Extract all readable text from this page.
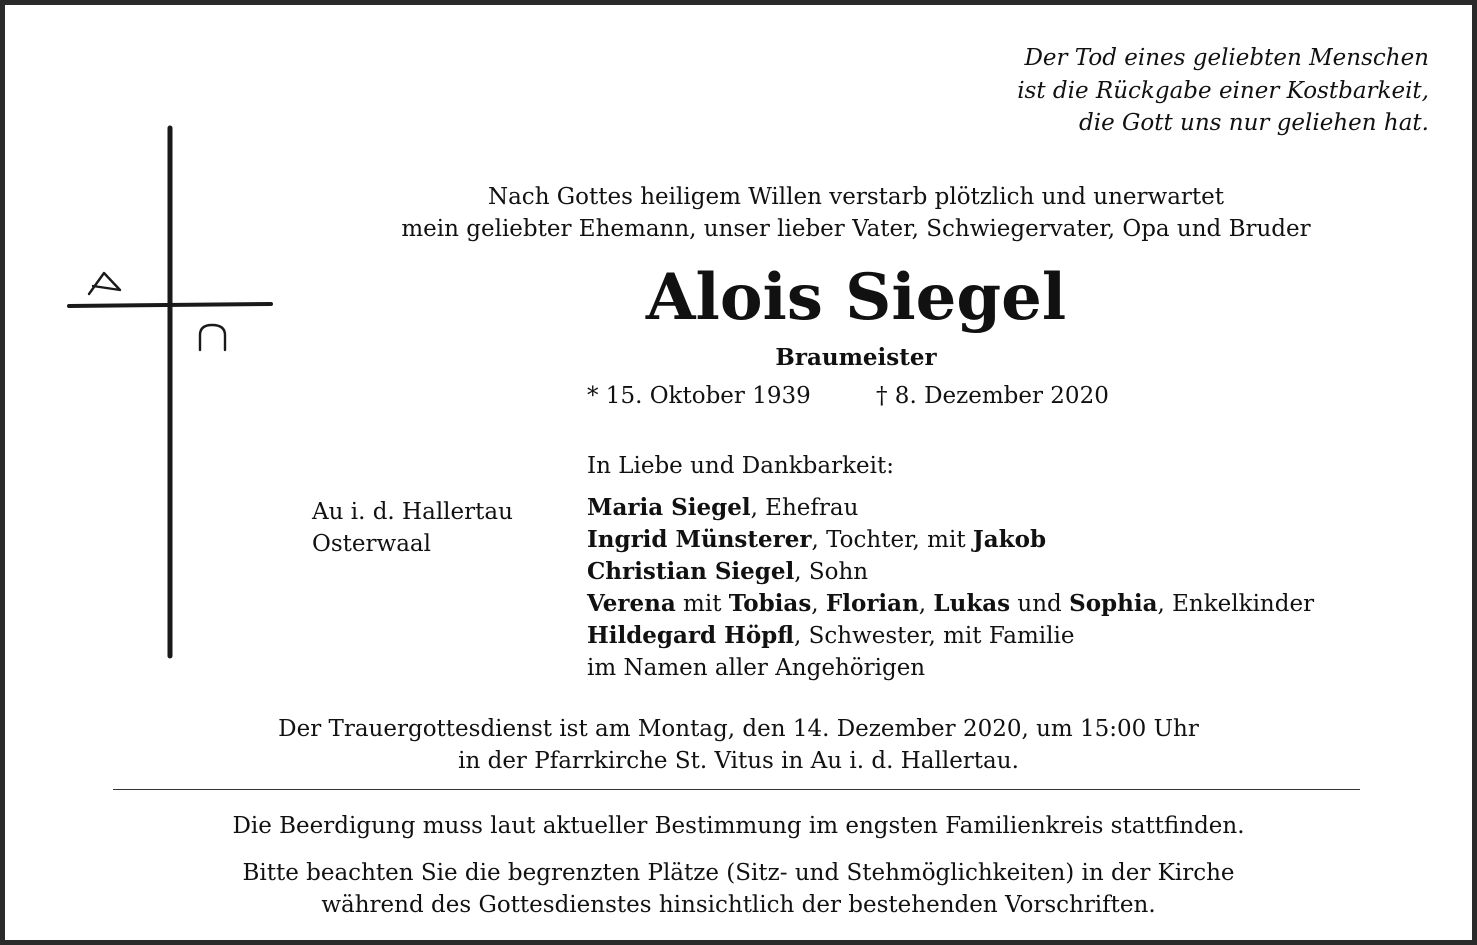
Der Tod eines geliebten Menschen
ist die Rückgabe einer Kostbarkeit,
die Gott uns nur geliehen hat.
Nach Gottes heiligem Willen verstarb plötzlich und unerwartet
mein geliebter Ehemann, unser lieber Vater, Schwiegervater, Opa und Bruder
Alois Siegel
Braumeister
* 15. Oktober 1939	† 8. Dezember 2020
In Liebe und Dankbarkeit:
Au i. d. Hallertau
Osterwaal
Maria Siegel, Ehefrau
Ingrid Münsterer, Tochter, mit Jakob
Christian Siegel, Sohn
Verena mit Tobias, Florian, Lukas und Sophia, Enkelkinder
Hildegard Höpfl, Schwester, mit Familie
im Namen aller Angehörigen
Der Trauergottesdienst ist am Montag, den 14. Dezember 2020, um 15:00 Uhr
in der Pfarrkirche St. Vitus in Au i. d. Hallertau.
Die Beerdigung muss laut aktueller Bestimmung im engsten Familienkreis stattfinden.
Bitte beachten Sie die begrenzten Plätze (Sitz- und Stehmöglichkeiten) in der Kirche
während des Gottesdienstes hinsichtlich der bestehenden Vorschriften.
